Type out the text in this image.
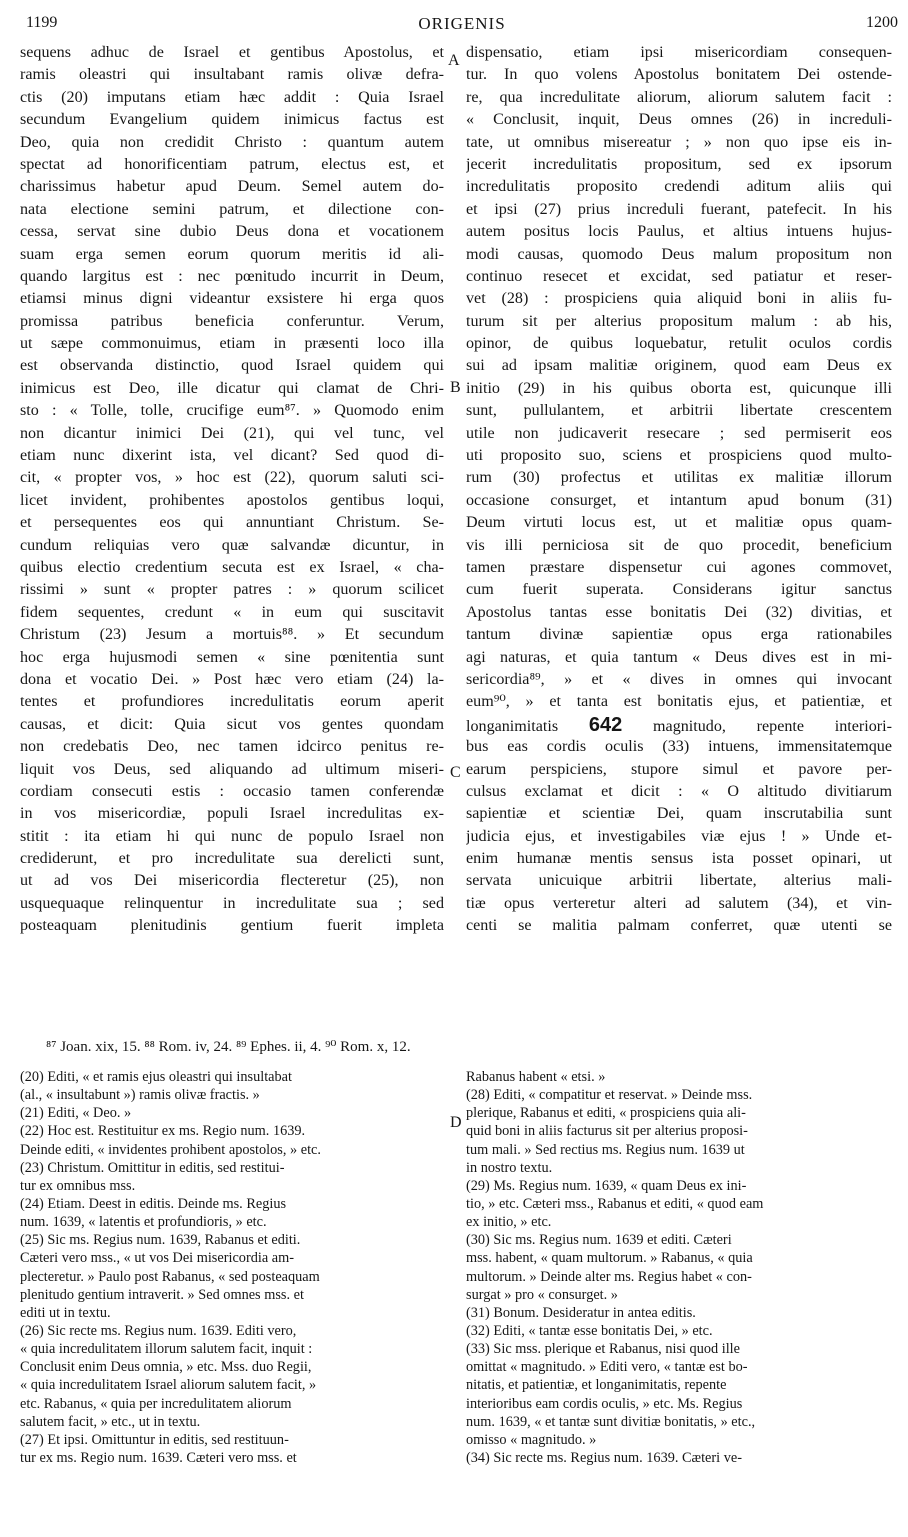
1199	ORIGENIS	1200
sequens adhuc de Israel et gentibus Apostolus, et
ramis oleastri qui insultabant ramis olivæ defra-
ctis (20) imputans etiam hæc addit : Quia Israel
secundum Evangelium quidem inimicus factus est
Deo, quia non credidit Christo : quantum autem
spectat ad honorificentiam patrum, electus est, et
charissimus habetur apud Deum. Semel autem do-
nata electione semini patrum, et dilectione con-
cessa, servat sine dubio Deus dona et vocationem
suam erga semen eorum quorum meritis id ali-
quando largitus est : nec pœnitudo incurrit in Deum,
etiamsi minus digni videantur exsistere hi erga quos
promissa patribus beneficia conferuntur. Verum,
ut sæpe commonuimus, etiam in præsenti loco illa
est observanda distinctio, quod Israel quidem qui
inimicus est Deo, ille dicatur qui clamat de Chri-
sto : « Tolle, tolle, crucifige eum⁸⁷. » Quomodo enim
non dicantur inimici Dei (21), qui vel tunc, vel
etiam nunc dixerint ista, vel dicant? Sed quod di-
cit, « propter vos, » hoc est (22), quorum saluti sci-
licet invident, prohibentes apostolos gentibus loqui,
et persequentes eos qui annuntiant Christum. Se-
cundum reliquias vero quæ salvandæ dicuntur, in
quibus electio credentium secuta est ex Israel, « cha-
rissimi » sunt « propter patres : » quorum scilicet
fidem sequentes, credunt « in eum qui suscitavit
Christum (23) Jesum a mortuis⁸⁸. » Et secundum
hoc erga hujusmodi semen « sine pœnitentia sunt
dona et vocatio Dei. » Post hæc vero etiam (24) la-
tentes et profundiores incredulitatis eorum aperit
causas, et dicit: Quia sicut vos gentes quondam
non credebatis Deo, nec tamen idcirco penitus re-
liquit vos Deus, sed aliquando ad ultimum miseri-
cordiam consecuti estis : occasio tamen conferendæ
in vos misericordiæ, populi Israel incredulitas ex-
stitit : ita etiam hi qui nunc de populo Israel non
crediderunt, et pro incredulitate sua derelicti sunt,
ut ad vos Dei misericordia flecteretur (25), non
usquequaque relinquentur in incredulitate sua ; sed
posteaquam plenitudinis gentium fuerit impleta
dispensatio, etiam ipsi misericordiam consequen-
tur. In quo volens Apostolus bonitatem Dei ostende-
re, qua incredulitate aliorum, aliorum salutem facit :
« Conclusit, inquit, Deus omnes (26) in increduli-
tate, ut omnibus misereatur ; » non quo ipse eis in-
jecerit incredulitatis propositum, sed ex ipsorum
incredulitatis proposito credendi aditum aliis qui
et ipsi (27) prius increduli fuerant, patefecit. In his
autem positus locis Paulus, et altius intuens hujus-
modi causas, quomodo Deus malum propositum non
continuo resecet et excidat, sed patiatur et reser-
vet (28) : prospiciens quia aliquid boni in aliis fu-
turum sit per alterius propositum malum : ab his,
opinor, de quibus loquebatur, retulit oculos cordis
sui ad ipsam malitiæ originem, quod eam Deus ex
initio (29) in his quibus oborta est, quicunque illi
sunt, pullulantem, et arbitrii libertate crescentem
utile non judicaverit resecare ; sed permiserit eos
uti proposito suo, sciens et prospiciens quod multo-
rum (30) profectus et utilitas ex malitiæ illorum
occasione consurget, et intantum apud bonum (31)
Deum virtuti locus est, ut et malitiæ opus quam-
vis illi perniciosa sit de quo procedit, beneficium
tamen præstare dispensetur cui agones commovet,
cum fuerit superata. Considerans igitur sanctus
Apostolus tantas esse bonitatis Dei (32) divitias, et
tantum divinæ sapientiæ opus erga rationabiles
agi naturas, et quia tantum « Deus dives est in mi-
sericordia⁸⁹, » et « dives in omnes qui invocant
eum⁹⁰, » et tanta est bonitatis ejus, et patientiæ, et
longanimitatis 642 magnitudo, repente interiori-
bus eas cordis oculis (33) intuens, immensitatemque
earum perspiciens, stupore simul et pavore per-
culsus exclamat et dicit : « O altitudo divitiarum
sapientiæ et scientiæ Dei, quam inscrutabilia sunt
judicia ejus, et investigabiles viæ ejus ! » Unde et-
enim humanæ mentis sensus ista posset opinari, ut
servata unicuique arbitrii libertate, alterius mali-
tiæ opus verteretur alteri ad salutem (34), et vin-
centi se malitia palmam conferret, quæ utenti se
A
B
C
D
⁸⁷ Joan. xix, 15. ⁸⁸ Rom. iv, 24. ⁸⁹ Ephes. ii, 4. ⁹⁰ Rom. x, 12.
(20) Editi, « et ramis ejus oleastri qui insultabat
(al., « insultabunt ») ramis olivæ fractis. »
(21) Editi, « Deo. »
(22) Hoc est. Restituitur ex ms. Regio num. 1639.
Deinde editi, « invidentes prohibent apostolos, » etc.
(23) Christum. Omittitur in editis, sed restitui-
tur ex omnibus mss.
(24) Etiam. Deest in editis. Deinde ms. Regius
num. 1639, « latentis et profundioris, » etc.
(25) Sic ms. Regius num. 1639, Rabanus et editi.
Cæteri vero mss., « ut vos Dei misericordia am-
plecteretur. » Paulo post Rabanus, « sed posteaquam
plenitudo gentium intraverit. » Sed omnes mss. et
editi ut in textu.
(26) Sic recte ms. Regius num. 1639. Editi vero,
« quia incredulitatem illorum salutem facit, inquit :
Conclusit enim Deus omnia, » etc. Mss. duo Regii,
« quia incredulitatem Israel aliorum salutem facit, »
etc. Rabanus, « quia per incredulitatem aliorum
salutem facit, » etc., ut in textu.
(27) Et ipsi. Omittuntur in editis, sed restituun-
tur ex ms. Regio num. 1639. Cæteri vero mss. et
Rabanus habent « etsi. »
(28) Editi, « compatitur et reservat. » Deinde mss.
plerique, Rabanus et editi, « prospiciens quia ali-
quid boni in aliis facturus sit per alterius proposi-
tum mali. » Sed rectius ms. Regius num. 1639 ut
in nostro textu.
(29) Ms. Regius num. 1639, « quam Deus ex ini-
tio, » etc. Cæteri mss., Rabanus et editi, « quod eam
ex initio, » etc.
(30) Sic ms. Regius num. 1639 et editi. Cæteri
mss. habent, « quam multorum. » Rabanus, « quia
multorum. » Deinde alter ms. Regius habet « con-
surgat » pro « consurget. »
(31) Bonum. Desideratur in antea editis.
(32) Editi, « tantæ esse bonitatis Dei, » etc.
(33) Sic mss. plerique et Rabanus, nisi quod ille
omittat « magnitudo. » Editi vero, « tantæ est bo-
nitatis, et patientiæ, et longanimitatis, repente
interioribus eam cordis oculis, » etc. Ms. Regius
num. 1639, « et tantæ sunt divitiæ bonitatis, » etc.,
omisso « magnitudo. »
(34) Sic recte ms. Regius num. 1639. Cæteri ve-
